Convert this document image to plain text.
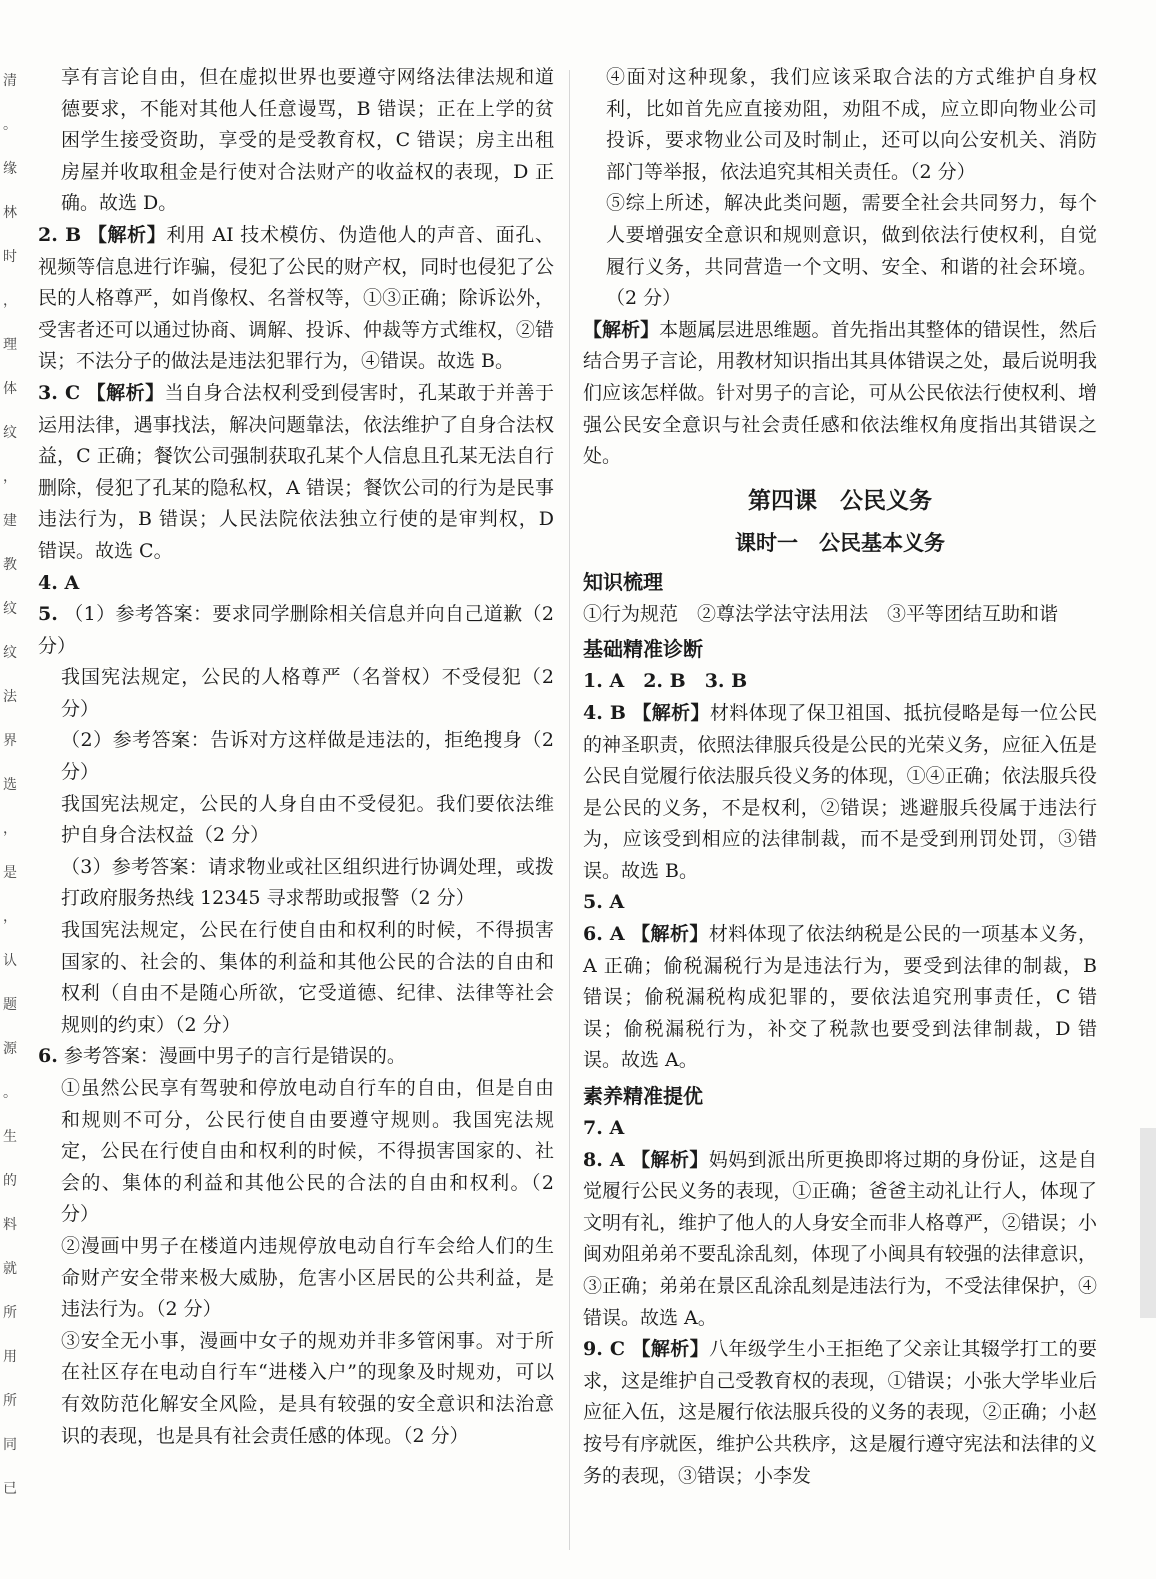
清
。
缘
林
时
，
理
体
纹
，
建
教
纹
纹
法
界
选
，
是
，
认
题
源
。
生
的
料
就
所
用
所
同
已

享有言论自由，但在虚拟世界也要遵守网络法律法规和道德要求，不能对其他人任意谩骂，B 错误；正在上学的贫困学生接受资助，享受的是受教育权，C 错误；房主出租房屋并收取租金是行使对合法财产的收益权的表现，D 正确。故选 D。

2. B 【解析】利用 AI 技术模仿、伪造他人的声音、面孔、视频等信息进行诈骗，侵犯了公民的财产权，同时也侵犯了公民的人格尊严，如肖像权、名誉权等，①③正确；除诉讼外，受害者还可以通过协商、调解、投诉、仲裁等方式维权，②错误；不法分子的做法是违法犯罪行为，④错误。故选 B。

3. C 【解析】当自身合法权利受到侵害时，孔某敢于并善于运用法律，遇事找法，解决问题靠法，依法维护了自身合法权益，C 正确；餐饮公司强制获取孔某个人信息且孔某无法自行删除，侵犯了孔某的隐私权，A 错误；餐饮公司的行为是民事违法行为，B 错误；人民法院依法独立行使的是审判权，D 错误。故选 C。

4. A

5. （1）参考答案：要求同学删除相关信息并向自己道歉（2 分）

我国宪法规定，公民的人格尊严（名誉权）不受侵犯（2 分）

（2）参考答案：告诉对方这样做是违法的，拒绝搜身（2 分）

我国宪法规定，公民的人身自由不受侵犯。我们要依法维护自身合法权益（2 分）

（3）参考答案：请求物业或社区组织进行协调处理，或拨打政府服务热线 12345 寻求帮助或报警（2 分）

我国宪法规定，公民在行使自由和权利的时候，不得损害国家的、社会的、集体的利益和其他公民的合法的自由和权利（自由不是随心所欲，它受道德、纪律、法律等社会规则的约束）（2 分）

6. 参考答案：漫画中男子的言行是错误的。

①虽然公民享有驾驶和停放电动自行车的自由，但是自由和规则不可分，公民行使自由要遵守规则。我国宪法规定，公民在行使自由和权利的时候，不得损害国家的、社会的、集体的利益和其他公民的合法的自由和权利。（2 分）

②漫画中男子在楼道内违规停放电动自行车会给人们的生命财产安全带来极大威胁，危害小区居民的公共利益，是违法行为。（2 分）

③安全无小事，漫画中女子的规劝并非多管闲事。对于所在社区存在电动自行车“进楼入户”的现象及时规劝，可以有效防范化解安全风险，是具有较强的安全意识和法治意识的表现，也是具有社会责任感的体现。（2 分）

④面对这种现象，我们应该采取合法的方式维护自身权利，比如首先应直接劝阻，劝阻不成，应立即向物业公司投诉，要求物业公司及时制止，还可以向公安机关、消防部门等举报，依法追究其相关责任。（2 分）

⑤综上所述，解决此类问题，需要全社会共同努力，每个人要增强安全意识和规则意识，做到依法行使权利，自觉履行义务，共同营造一个文明、安全、和谐的社会环境。（2 分）

【解析】本题属层进思维题。首先指出其整体的错误性，然后结合男子言论，用教材知识指出其具体错误之处，最后说明我们应该怎样做。针对男子的言论，可从公民依法行使权利、增强公民安全意识与社会责任感和依法维权角度指出其错误之处。

第四课　公民义务

课时一　公民基本义务

知识梳理

①行为规范　②尊法学法守法用法　③平等团结互助和谐

基础精准诊断

1. A　2. B　3. B

4. B 【解析】材料体现了保卫祖国、抵抗侵略是每一位公民的神圣职责，依照法律服兵役是公民的光荣义务，应征入伍是公民自觉履行依法服兵役义务的体现，①④正确；依法服兵役是公民的义务，不是权利，②错误；逃避服兵役属于违法行为，应该受到相应的法律制裁，而不是受到刑罚处罚，③错误。故选 B。

5. A

6. A 【解析】材料体现了依法纳税是公民的一项基本义务，A 正确；偷税漏税行为是违法行为，要受到法律的制裁，B 错误；偷税漏税构成犯罪的，要依法追究刑事责任，C 错误；偷税漏税行为，补交了税款也要受到法律制裁，D 错误。故选 A。

素养精准提优

7. A

8. A 【解析】妈妈到派出所更换即将过期的身份证，这是自觉履行公民义务的表现，①正确；爸爸主动礼让行人，体现了文明有礼，维护了他人的人身安全而非人格尊严，②错误；小闽劝阻弟弟不要乱涂乱刻，体现了小闽具有较强的法律意识，③正确；弟弟在景区乱涂乱刻是违法行为，不受法律保护，④错误。故选 A。

9. C 【解析】八年级学生小王拒绝了父亲让其辍学打工的要求，这是维护自己受教育权的表现，①错误；小张大学毕业后应征入伍，这是履行依法服兵役的义务的表现，②正确；小赵按号有序就医，维护公共秩序，这是履行遵守宪法和法律的义务的表现，③错误；小李发
